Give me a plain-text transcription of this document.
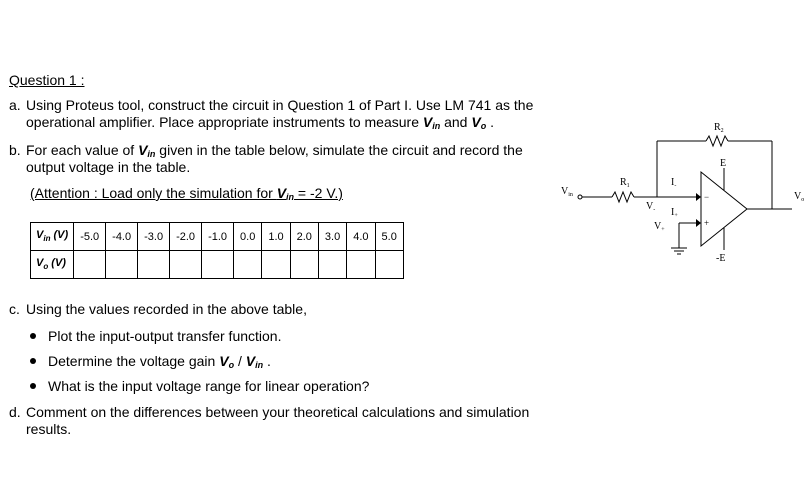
Question 1 :
a. Using Proteus tool, construct the circuit in Question 1 of Part I. Use LM 741 as the
operational amplifier. Place appropriate instruments to measure $V_{in}$ and $V_o$ .
b. For each value of $V_{in}$ given in the table below, simulate the circuit and record the
output voltage in the table.
(Attention : Load only the simulation for $V_{in} = -2$ V.)
$V_{in}$ (V)	-5.0	-4.0	-3.0	-2.0	-1.0	0.0	1.0	2.0	3.0	4.0	5.0
$V_o$ (V)											
c. Using the values recorded in the above table,
Plot the input-output transfer function.
Determine the voltage gain $V_o / V_{in}$ .
What is the input voltage range for linear operation?
d. Comment on the differences between your theoretical calculations and simulation
results.
$V_{in}$
$R_1$
$R_2$
$I_-$
$V_-$ $I_+$
$V_+$
E
-E
$V_o$
−
+
